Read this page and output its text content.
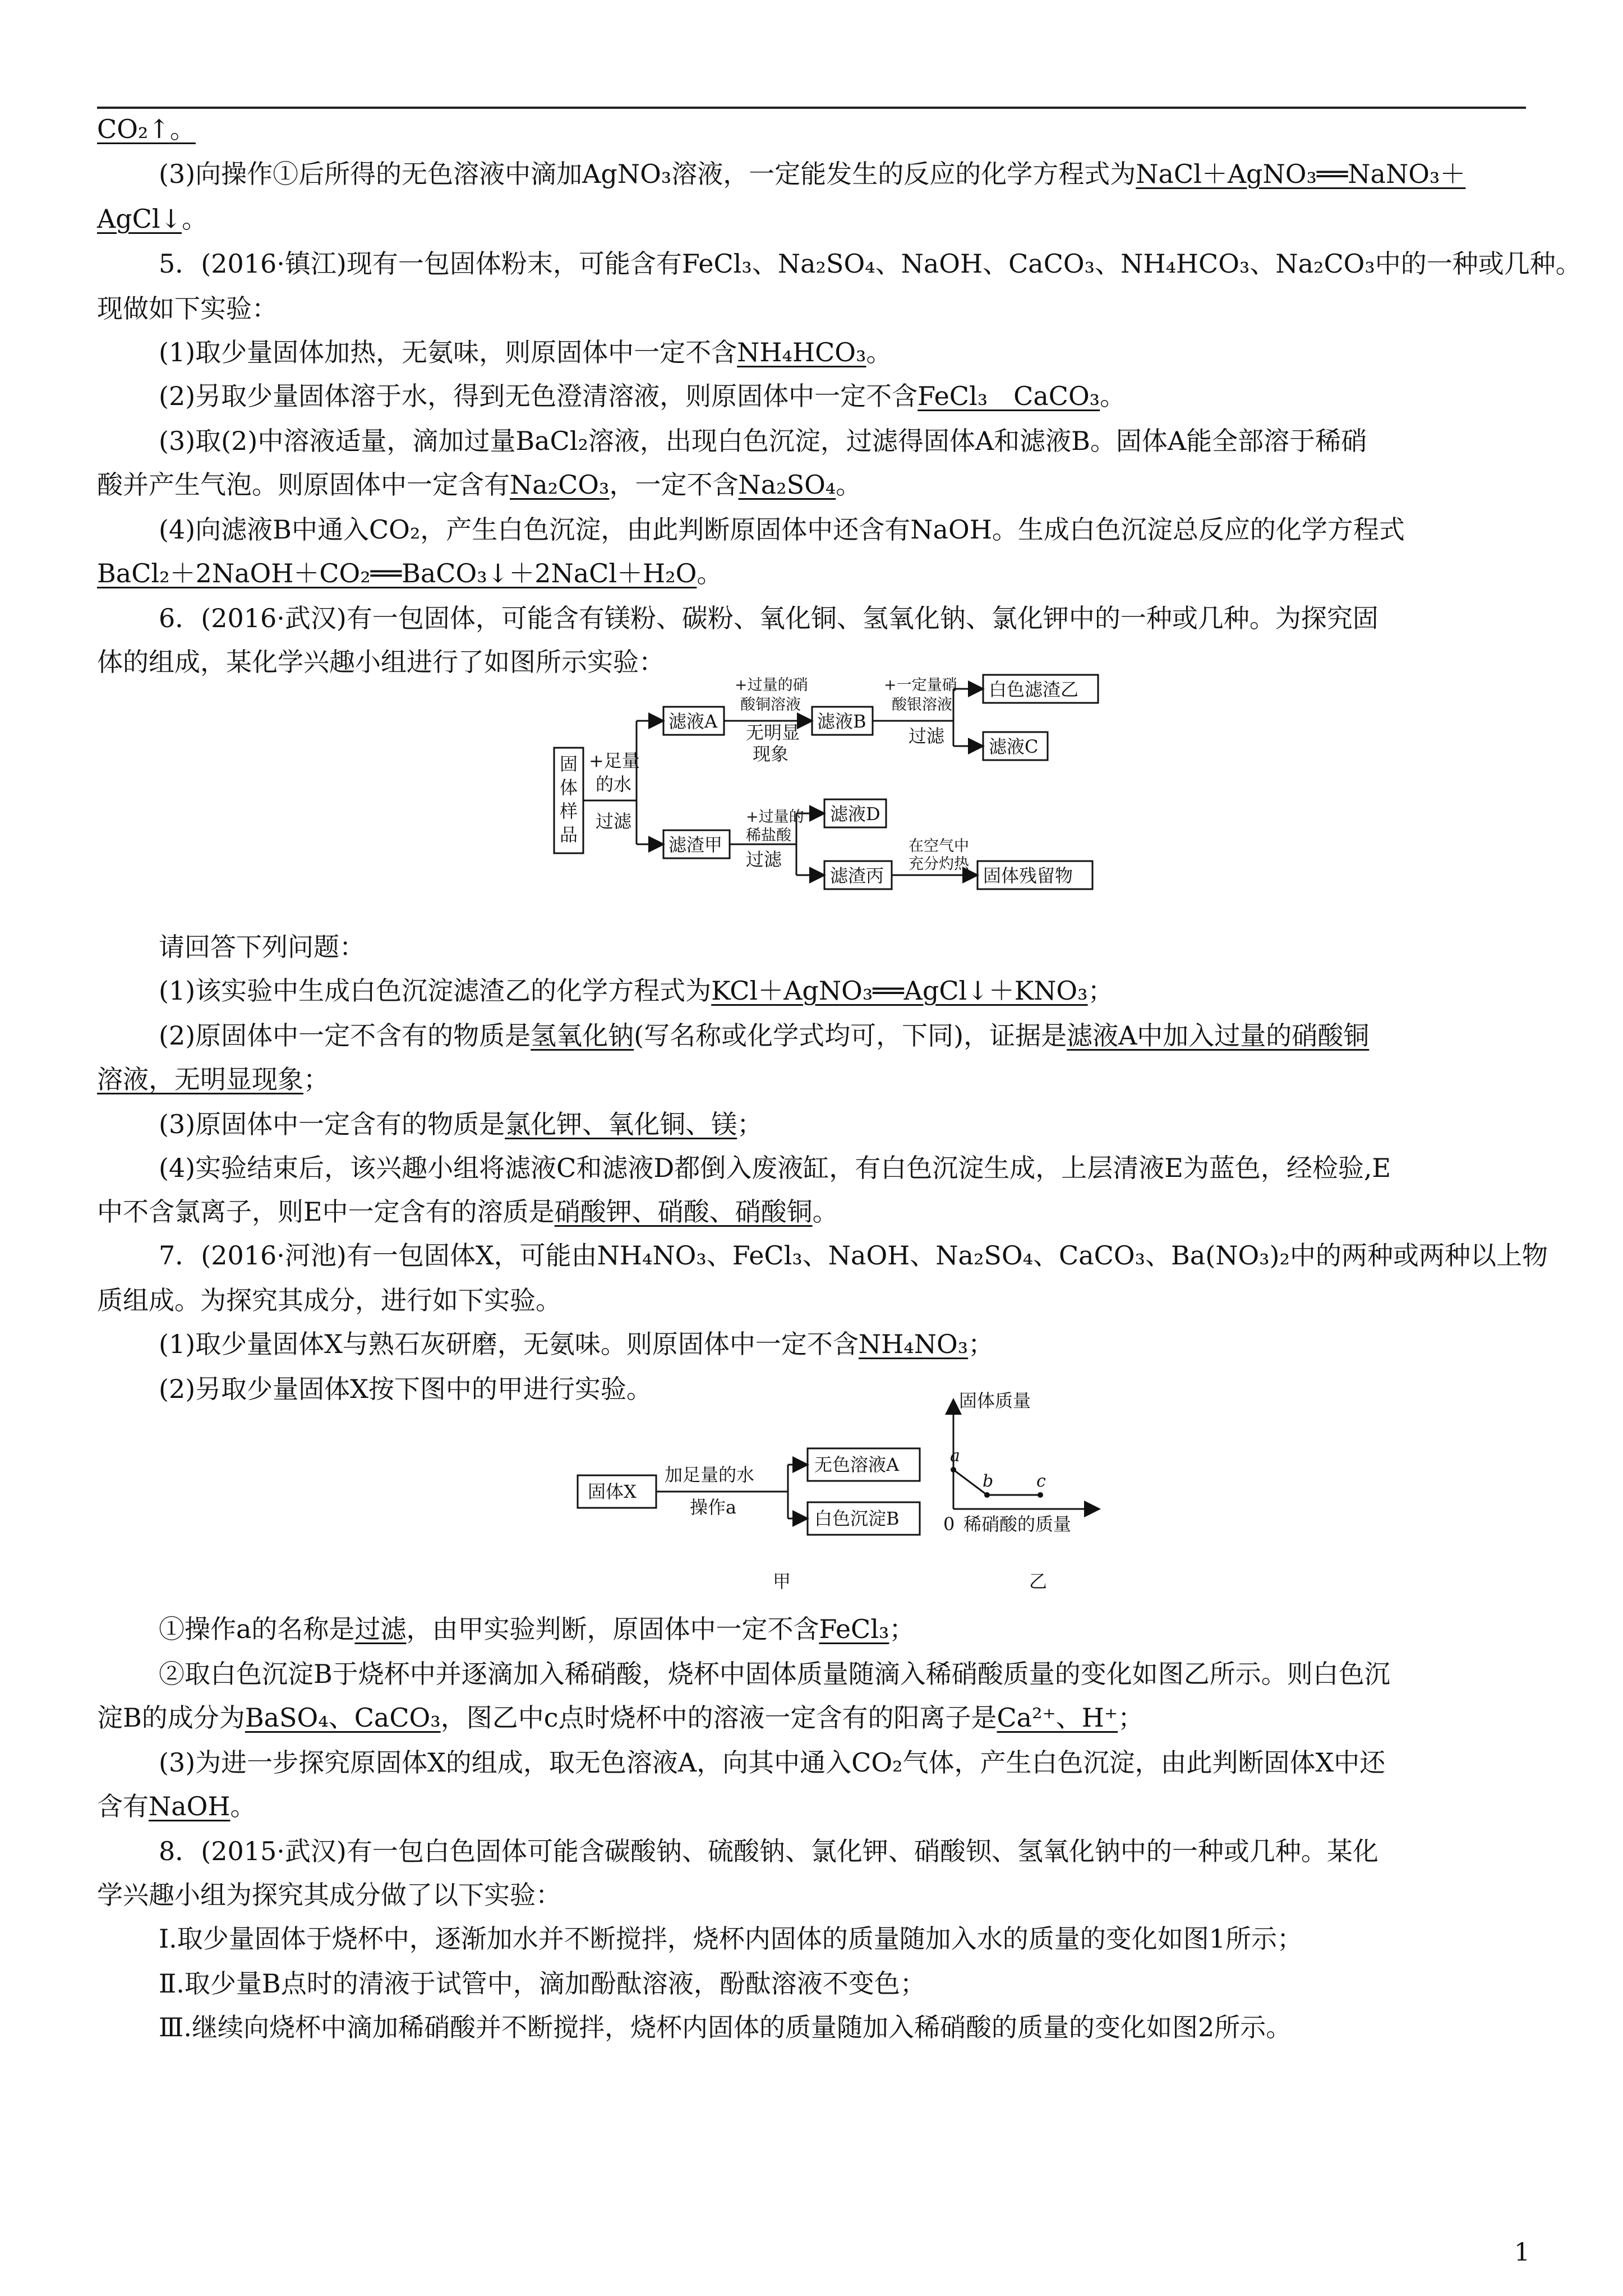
CO₂↑。
(3)向操作①后所得的无色溶液中滴加AgNO₃溶液，一定能发生的反应的化学方程式为NaCl＋AgNO₃══NaNO₃＋
AgCl↓。
5．(2016·镇江)现有一包固体粉末，可能含有FeCl₃、Na₂SO₄、NaOH、CaCO₃、NH₄HCO₃、Na₂CO₃中的一种或几种。
现做如下实验：
(1)取少量固体加热，无氨味，则原固体中一定不含NH₄HCO₃。
(2)另取少量固体溶于水，得到无色澄清溶液，则原固体中一定不含FeCl₃　CaCO₃。
(3)取(2)中溶液适量，滴加过量BaCl₂溶液，出现白色沉淀，过滤得固体A和滤液B。固体A能全部溶于稀硝
酸并产生气泡。则原固体中一定含有Na₂CO₃，一定不含Na₂SO₄。
(4)向滤液B中通入CO₂，产生白色沉淀，由此判断原固体中还含有NaOH。生成白色沉淀总反应的化学方程式
BaCl₂＋2NaOH＋CO₂══BaCO₃↓＋2NaCl＋H₂O。
6．(2016·武汉)有一包固体，可能含有镁粉、碳粉、氧化铜、氢氧化钠、氯化钾中的一种或几种。为探究固
体的组成，某化学兴趣小组进行了如图所示实验：
固
体
样
品
+足量
的水
过滤
滤液A	滤液B
白色滤渣乙
滤液C
滤渣甲
滤液D
滤渣丙	固体残留物
无明显
现象
过滤
过滤
+过量的硝
酸铜溶液
+一定量硝
酸银溶液
+过量的
稀盐酸
在空气中
充分灼热
请回答下列问题：
(1)该实验中生成白色沉淀滤渣乙的化学方程式为KCl＋AgNO₃══AgCl↓＋KNO₃；
(2)原固体中一定不含有的物质是氢氧化钠(写名称或化学式均可，下同)，证据是滤液A中加入过量的硝酸铜
溶液，无明显现象；
(3)原固体中一定含有的物质是氯化钾、氧化铜、镁；
(4)实验结束后，该兴趣小组将滤液C和滤液D都倒入废液缸，有白色沉淀生成，上层清液E为蓝色，经检验,E
中不含氯离子，则E中一定含有的溶质是硝酸钾、硝酸、硝酸铜。
7．(2016·河池)有一包固体X，可能由NH₄NO₃、FeCl₃、NaOH、Na₂SO₄、CaCO₃、Ba(NO₃)₂中的两种或两种以上物
质组成。为探究其成分，进行如下实验。
(1)取少量固体X与熟石灰研磨，无氨味。则原固体中一定不含NH₄NO₃；
(2)另取少量固体X按下图中的甲进行实验。
固体X
加足量的水
操作a
无色溶液A
白色沉淀B
甲
固体质量
0 稀硝酸的质量
乙
a
b	c
①操作a的名称是过滤，由甲实验判断，原固体中一定不含FeCl₃；
②取白色沉淀B于烧杯中并逐滴加入稀硝酸，烧杯中固体质量随滴入稀硝酸质量的变化如图乙所示。则白色沉
淀B的成分为BaSO₄、CaCO₃，图乙中c点时烧杯中的溶液一定含有的阳离子是Ca²⁺、H⁺；
(3)为进一步探究原固体X的组成，取无色溶液A，向其中通入CO₂气体，产生白色沉淀，由此判断固体X中还
含有NaOH。
8．(2015·武汉)有一包白色固体可能含碳酸钠、硫酸钠、氯化钾、硝酸钡、氢氧化钠中的一种或几种。某化
学兴趣小组为探究其成分做了以下实验：
Ⅰ.取少量固体于烧杯中，逐渐加水并不断搅拌，烧杯内固体的质量随加入水的质量的变化如图1所示；
Ⅱ.取少量B点时的清液于试管中，滴加酚酞溶液，酚酞溶液不变色；
Ⅲ.继续向烧杯中滴加稀硝酸并不断搅拌，烧杯内固体的质量随加入稀硝酸的质量的变化如图2所示。
1
